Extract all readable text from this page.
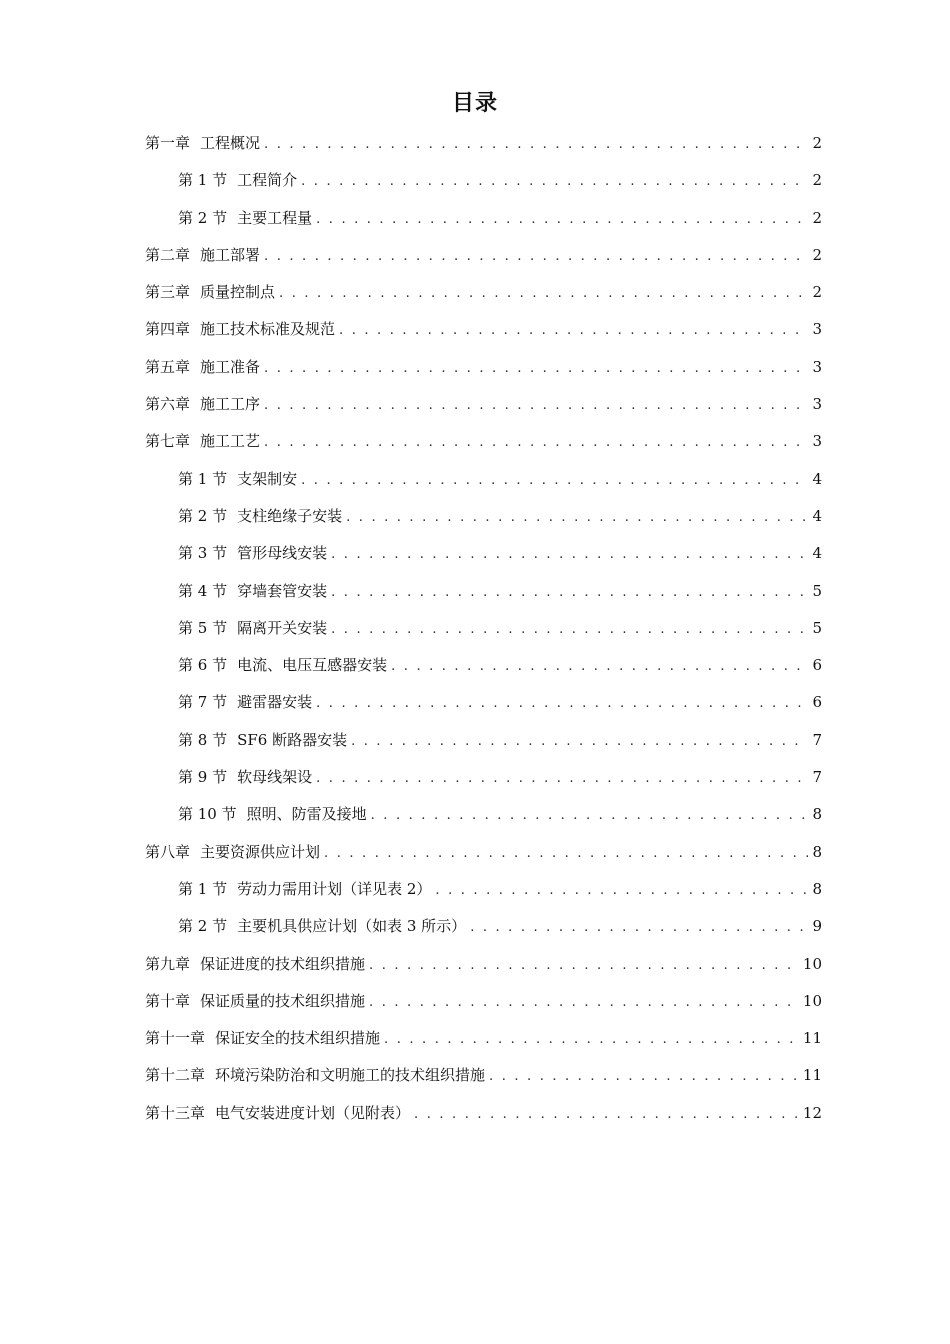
目录
第一章 工程概况 . . .	2
第 1 节 工程简介 . . .	2
第 2 节 主要工程量 . . .	2
第二章 施工部署 . . .	2
第三章 质量控制点 . . .	2
第四章 施工技术标准及规范 . . .	3
第五章 施工准备 . . .	3
第六章 施工工序 . . .	3
第七章 施工工艺 . . .	3
第 1 节 支架制安 . . .	4
第 2 节 支柱绝缘子安装 . . .	4
第 3 节 管形母线安装 . . .	4
第 4 节 穿墙套管安装 . . .	5
第 5 节 隔离开关安装 . . .	5
第 6 节 电流、电压互感器安装 . . .	6
第 7 节 避雷器安装 . . .	6
第 8 节 SF6 断路器安装 . . .	7
第 9 节 软母线架设 . . .	7
第 10 节 照明、防雷及接地 . . .	8
第八章 主要资源供应计划 . . .	8
第 1 节 劳动力需用计划（详见表 2） . . .	8
第 2 节 主要机具供应计划（如表 3 所示） . . .	9
第九章 保证进度的技术组织措施 . . .	10
第十章 保证质量的技术组织措施 . . .	10
第十一章 保证安全的技术组织措施 . . .	11
第十二章 环境污染防治和文明施工的技术组织措施 . . .	11
第十三章 电气安装进度计划（见附表） . . .	12
